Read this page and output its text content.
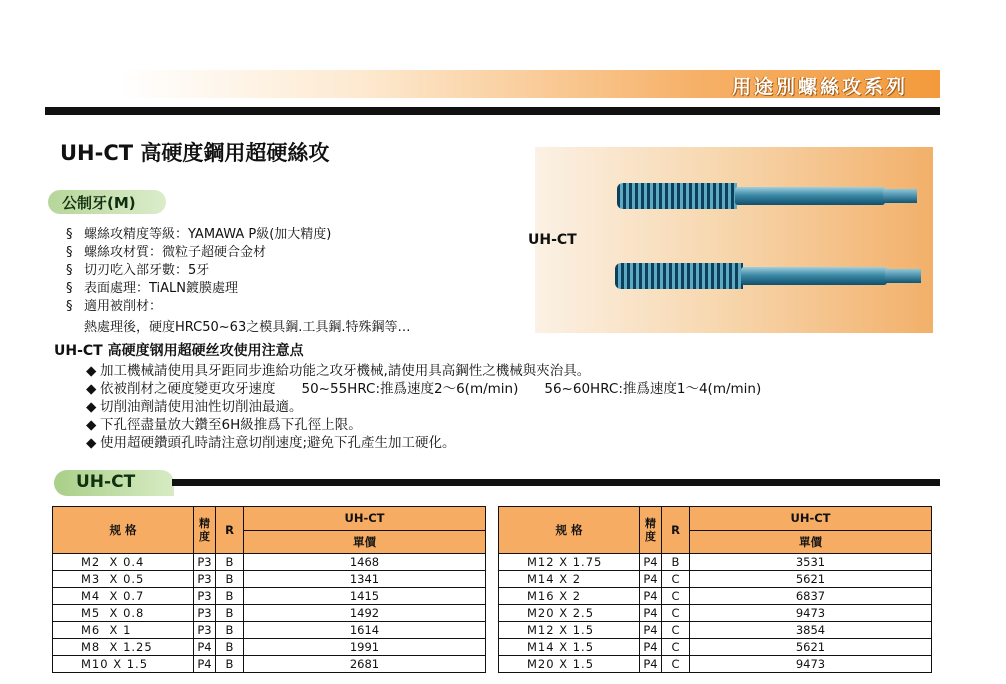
用途別螺絲攻系列
UH-CT 高硬度鋼用超硬絲攻
UH-CT
公制牙(M)
§ 螺絲攻精度等級：YAMAWA P級(加大精度)
§ 螺絲攻材質：微粒子超硬合金材
§ 切刃吃入部牙數：5牙
§ 表面處理：TiALN鍍膜處理
§ 適用被削材：
熱處理後，硬度HRC50~63之模具鋼.工具鋼.特殊鋼等…
UH-CT 高硬度钢用超硬丝攻使用注意点
◆ 加工機械請使用具牙距同步進給功能之攻牙機械,請使用具高鋼性之機械與夾治具。
◆ 依被削材之硬度變更攻牙速度 50~55HRC:推爲速度2～6(m/min) 56~60HRC:推爲速度1～4(m/min)
◆ 切削油劑請使用油性切削油最適。
◆ 下孔徑盡量放大鑽至6H級推爲下孔徑上限。
◆ 使用超硬鑽頭孔時請注意切削速度;避免下孔產生加工硬化。
UH-CT
规 格	精度	R	UH-CT
			單價
M2  X 0.4	P3	B	1468
M3  X 0.5	P3	B	1341
M4  X 0.7	P3	B	1415
M5  X 0.8	P3	B	1492
M6  X 1	P3	B	1614
M8  X 1.25	P4	B	1991
M10 X 1.5	P4	B	2681
规 格	精度	R	UH-CT
			單價
M12 X 1.75	P4	B	3531
M14 X 2	P4	C	5621
M16 X 2	P4	C	6837
M20 X 2.5	P4	C	9473
M12 X 1.5	P4	C	3854
M14 X 1.5	P4	C	5621
M20 X 1.5	P4	C	9473
